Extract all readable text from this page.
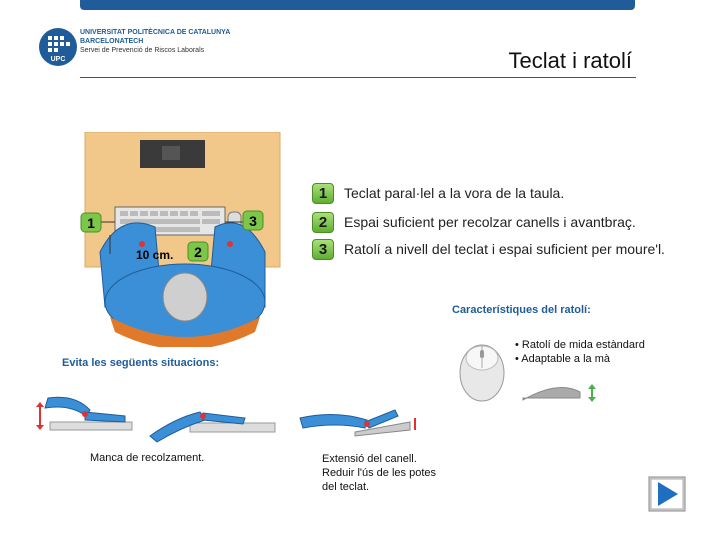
UPC
UNIVERSITAT POLITÈCNICA DE CATALUNYA
BARCELONATECH
Servei de Prevenció de Riscos Laborals	Teclat i ratolí
1	3
2
10 cm.
1	Teclat paral·lel a la vora de la taula.
2	Espai suficient per recolzar canells i avantbraç.
3	Ratolí a nivell del teclat i espai suficient per moure'l.
Característiques del ratolí:
• Ratolí de mida estàndard
• Adaptable a la mà
Evita les següents situacions:
Manca de recolzament.	Extensió del canell.
Reduir l'ús de les potes
del teclat.
